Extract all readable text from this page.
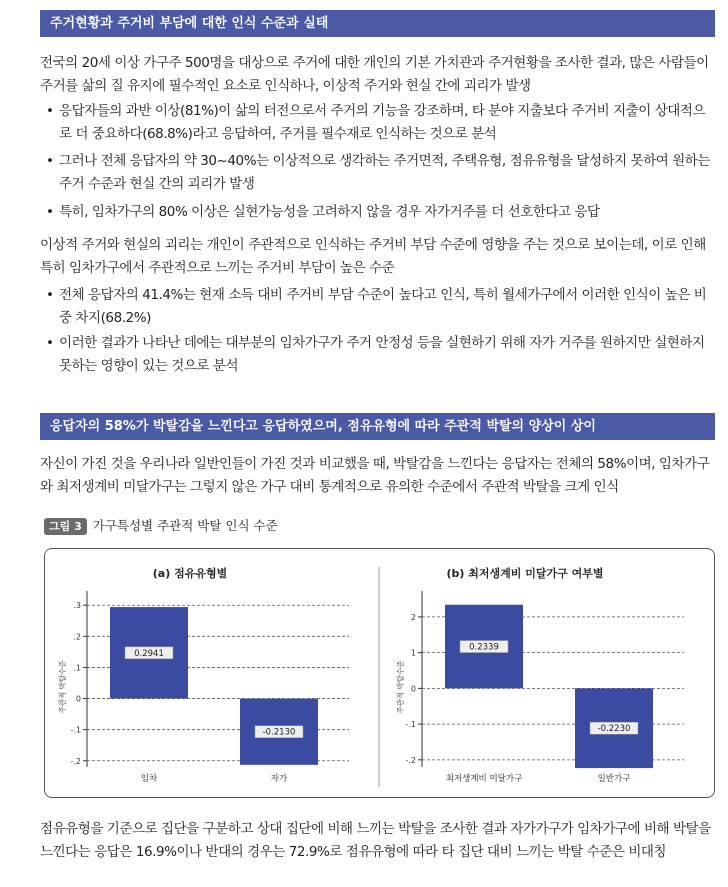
주거현황과 주거비 부담에 대한 인식 수준과 실태
전국의 20세 이상 가구주 500명을 대상으로 주거에 대한 개인의 기본 가치관과 주거현황을 조사한 결과, 많은 사람들이 주거를 삶의 질 유지에 필수적인 요소로 인식하나, 이상적 주거와 현실 간에 괴리가 발생
• 응답자들의 과반 이상(81%)이 삶의 터전으로서 주거의 기능을 강조하며, 타 분야 지출보다 주거비 지출이 상대적으로 더 중요하다(68.8%)라고 응답하여, 주거를 필수재로 인식하는 것으로 분석
• 그러나 전체 응답자의 약 30~40%는 이상적으로 생각하는 주거면적, 주택유형, 점유유형을 달성하지 못하여 원하는 주거 수준과 현실 간의 괴리가 발생
• 특히, 임차가구의 80% 이상은 실현가능성을 고려하지 않을 경우 자가거주를 더 선호한다고 응답
이상적 주거와 현실의 괴리는 개인이 주관적으로 인식하는 주거비 부담 수준에 영향을 주는 것으로 보이는데, 이로 인해 특히 임차가구에서 주관적으로 느끼는 주거비 부담이 높은 수준
• 전체 응답자의 41.4%는 현재 소득 대비 주거비 부담 수준이 높다고 인식, 특히 월세가구에서 이러한 인식이 높은 비중 차지(68.2%)
• 이러한 결과가 나타난 데에는 대부분의 임차가구가 주거 안정성 등을 실현하기 위해 자가 거주를 원하지만 실현하지 못하는 영향이 있는 것으로 분석
응답자의 58%가 박탈감을 느낀다고 응답하였으며, 점유유형에 따라 주관적 박탈의 양상이 상이
자신이 가진 것을 우리나라 일반인들이 가진 것과 비교했을 때, 박탈감을 느낀다는 응답자는 전체의 58%이며, 임차가구와 최저생계비 미달가구는 그렇지 않은 가구 대비 통계적으로 유의한 수준에서 주관적 박탈을 크게 인식
그림 3 가구특성별 주관적 박탈 인식 수준
(a) 점유유형별
.3
.2
.1
0
-.1
-.2
주관적 박탈수준
0.2941
임차
-0.2130
자가
(b) 최저생계비 미달가구 여부별
2
1
0
-.1
-.2
주관적 박탈수준
0.2339
최저생계비 미달가구
-0.2230
일반가구
점유유형을 기준으로 집단을 구분하고 상대 집단에 비해 느끼는 박탈을 조사한 결과 자가가구가 임차가구에 비해 박탈을 느낀다는 응답은 16.9%이나 반대의 경우는 72.9%로 점유유형에 따라 타 집단 대비 느끼는 박탈 수준은 비대칭
